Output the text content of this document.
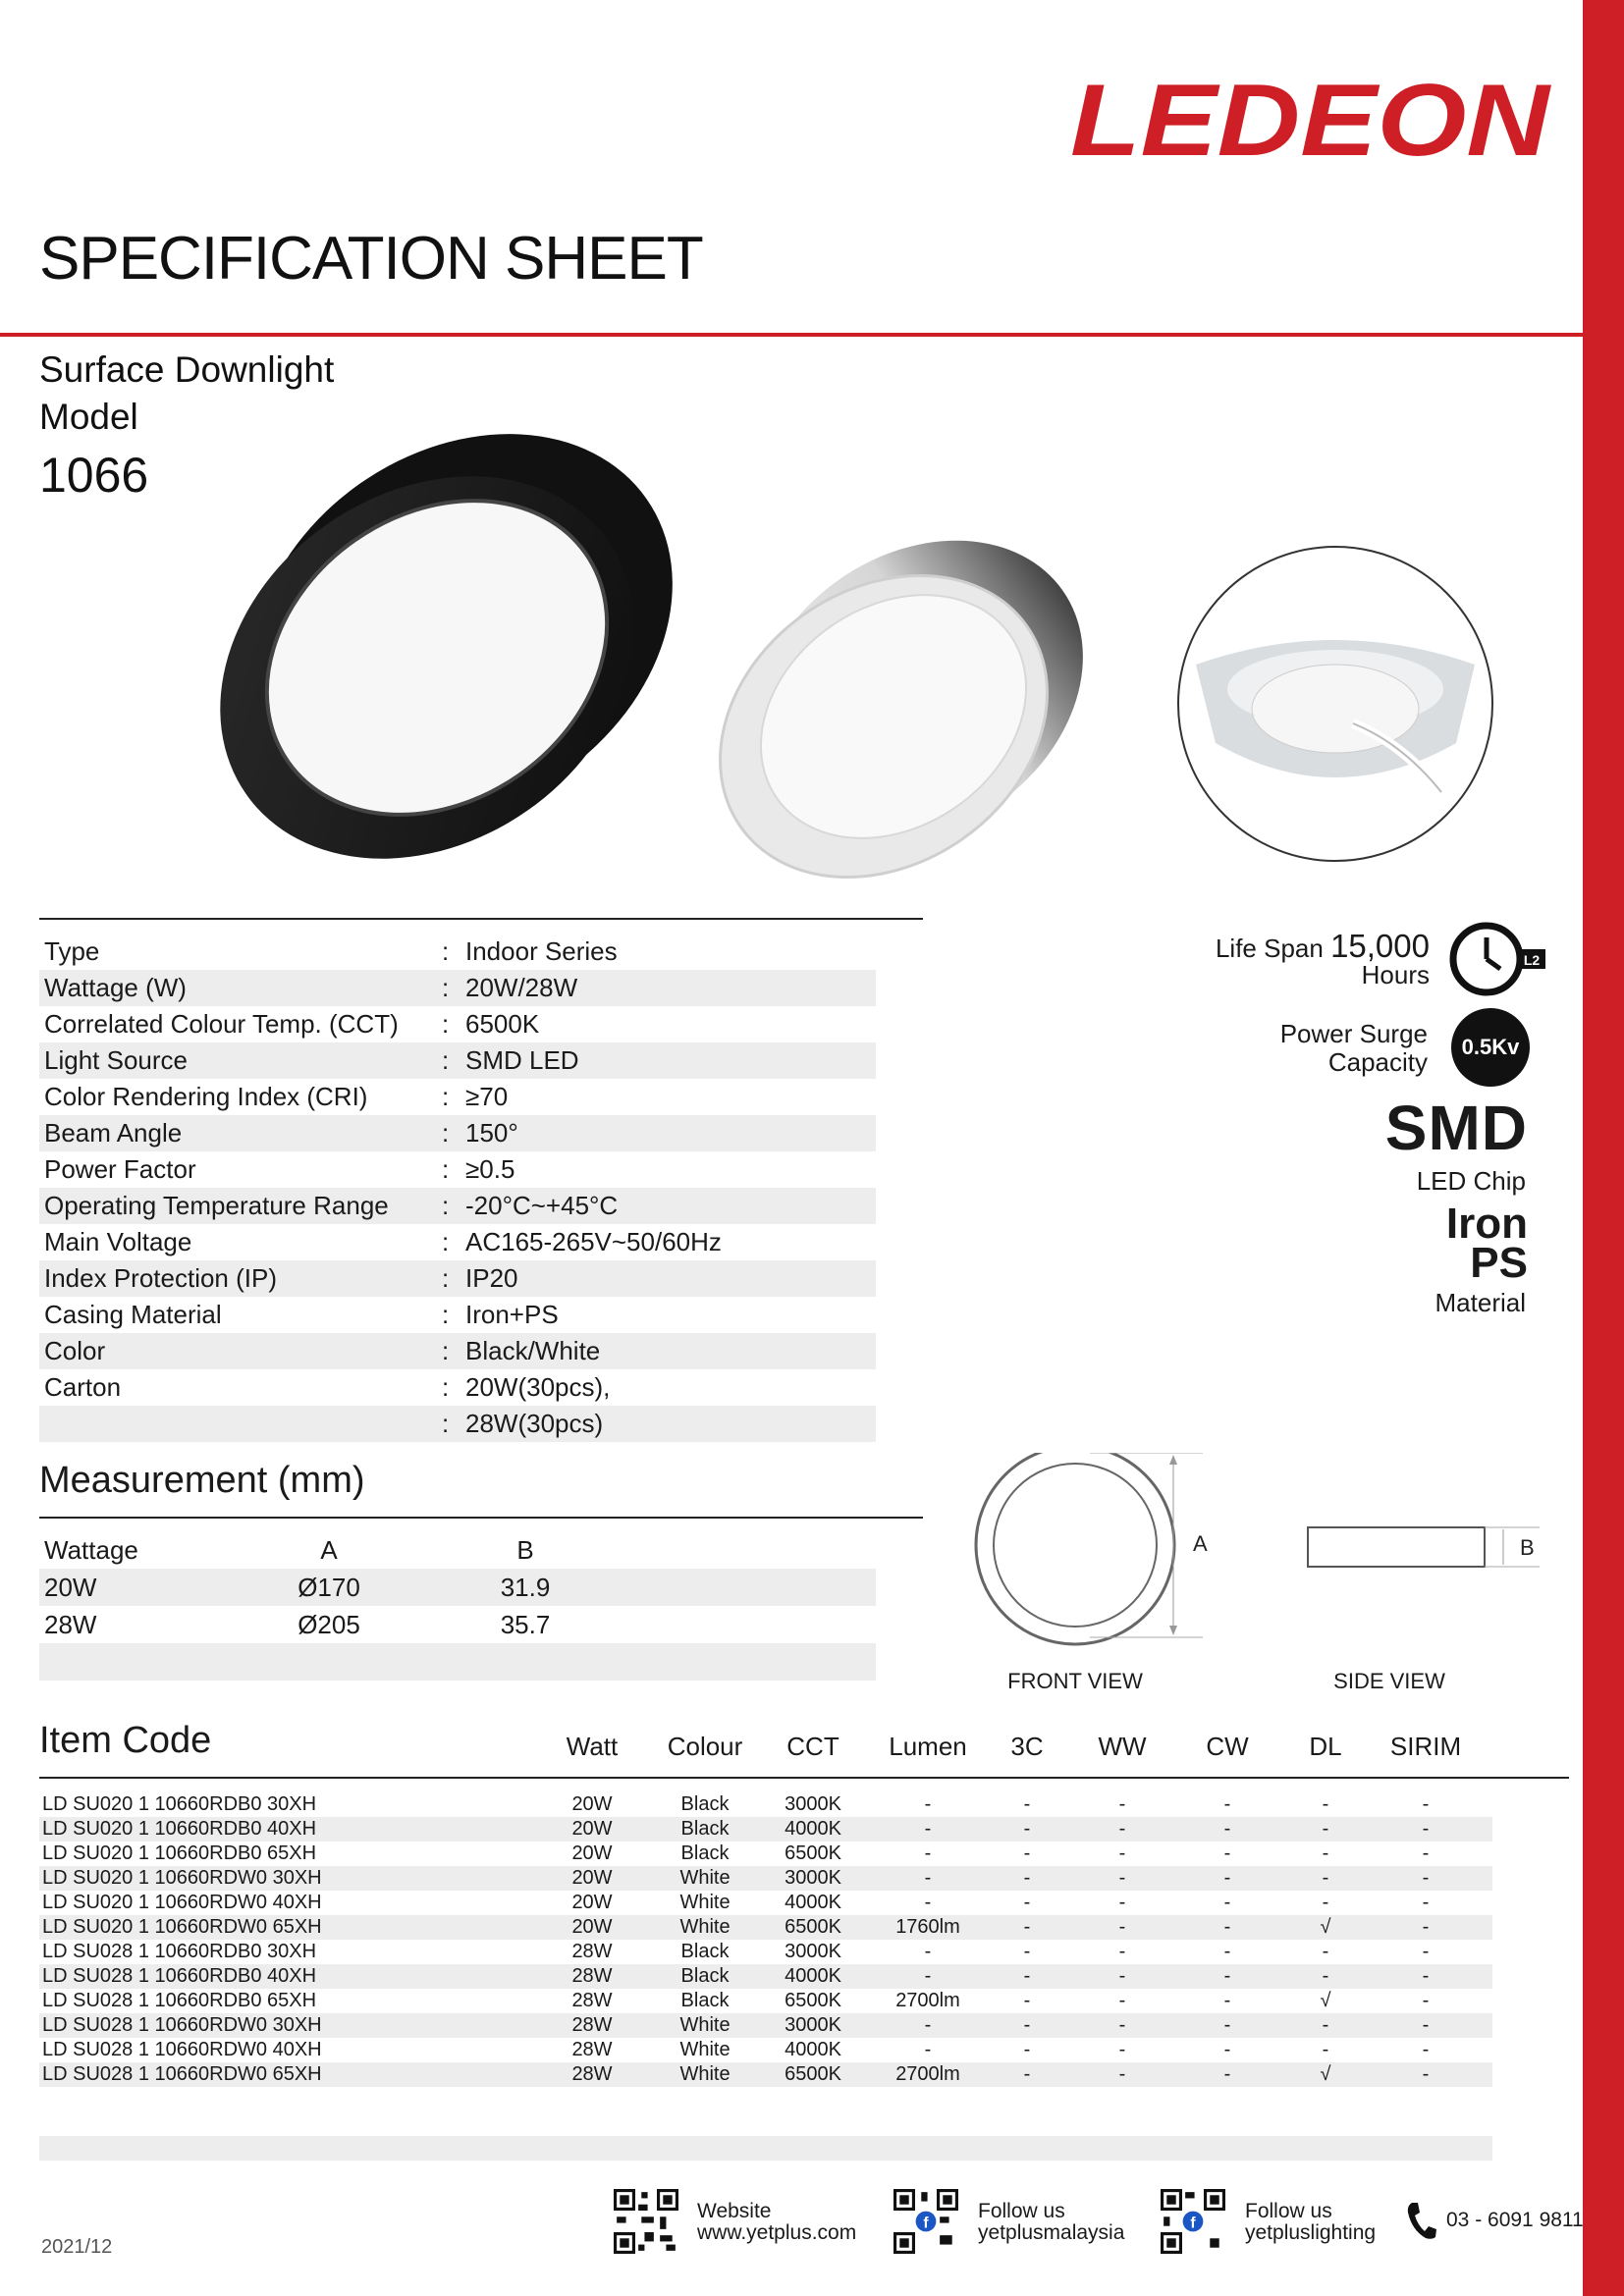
LEDEON
SPECIFICATION SHEET
Surface Downlight
Model
1066
Type	: Indoor Series
Wattage (W)	: 20W/28W
Correlated Colour Temp. (CCT) : 6500K
Light Source	: SMD LED
Color Rendering Index (CRI)	: ≥70
Beam Angle	: 150°
Power Factor	: ≥0.5
Operating Temperature Range : -20°C~+45°C
Main Voltage	: AC165-265V~50/60Hz
Index Protection (IP)	: IP20
Casing Material	: Iron+PS
Color	: Black/White
Carton	: 20W(30pcs),
: 28W(30pcs)
Life Span 15,000
Hours	L2
Power Surge
Capacity
0.5Kv
SMD
LED Chip
Iron
PS
Material
Measurement (mm)
Wattage	A	B
20W	Ø170	31.9
28W	Ø205	35.7
A	B
FRONT VIEW	SIDE VIEW
Item Code	Watt	Colour	CCT	Lumen	3C	WW	CW	DL	SIRIM
LD SU020 1 10660RDB0 30XH	20W	Black	3000K	-	-	-	-	-	-
LD SU020 1 10660RDB0 40XH	20W	Black	4000K	-	-	-	-	-	-
LD SU020 1 10660RDB0 65XH	20W	Black	6500K	-	-	-	-	-	-
LD SU020 1 10660RDW0 30XH	20W	White	3000K	-	-	-	-	-	-
LD SU020 1 10660RDW0 40XH	20W	White	4000K	-	-	-	-	-	-
LD SU020 1 10660RDW0 65XH	20W	White	6500K	1760lm	-	-	-	√	-
LD SU028 1 10660RDB0 30XH	28W	Black	3000K	-	-	-	-	-	-
LD SU028 1 10660RDB0 40XH	28W	Black	4000K	-	-	-	-	-	-
LD SU028 1 10660RDB0 65XH	28W	Black	6500K	2700lm	-	-	-	√	-
LD SU028 1 10660RDW0 30XH	28W	White	3000K	-	-	-	-	-	-
LD SU028 1 10660RDW0 40XH	28W	White	4000K	-	-	-	-	-	-
LD SU028 1 10660RDW0 65XH	28W	White	6500K	2700lm	-	-	-	√	-
2021/12
Website
www.yetplus.com	f
Follow us
yetplusmalaysia	f
Follow us
yetpluslighting
03 - 6091 9811
